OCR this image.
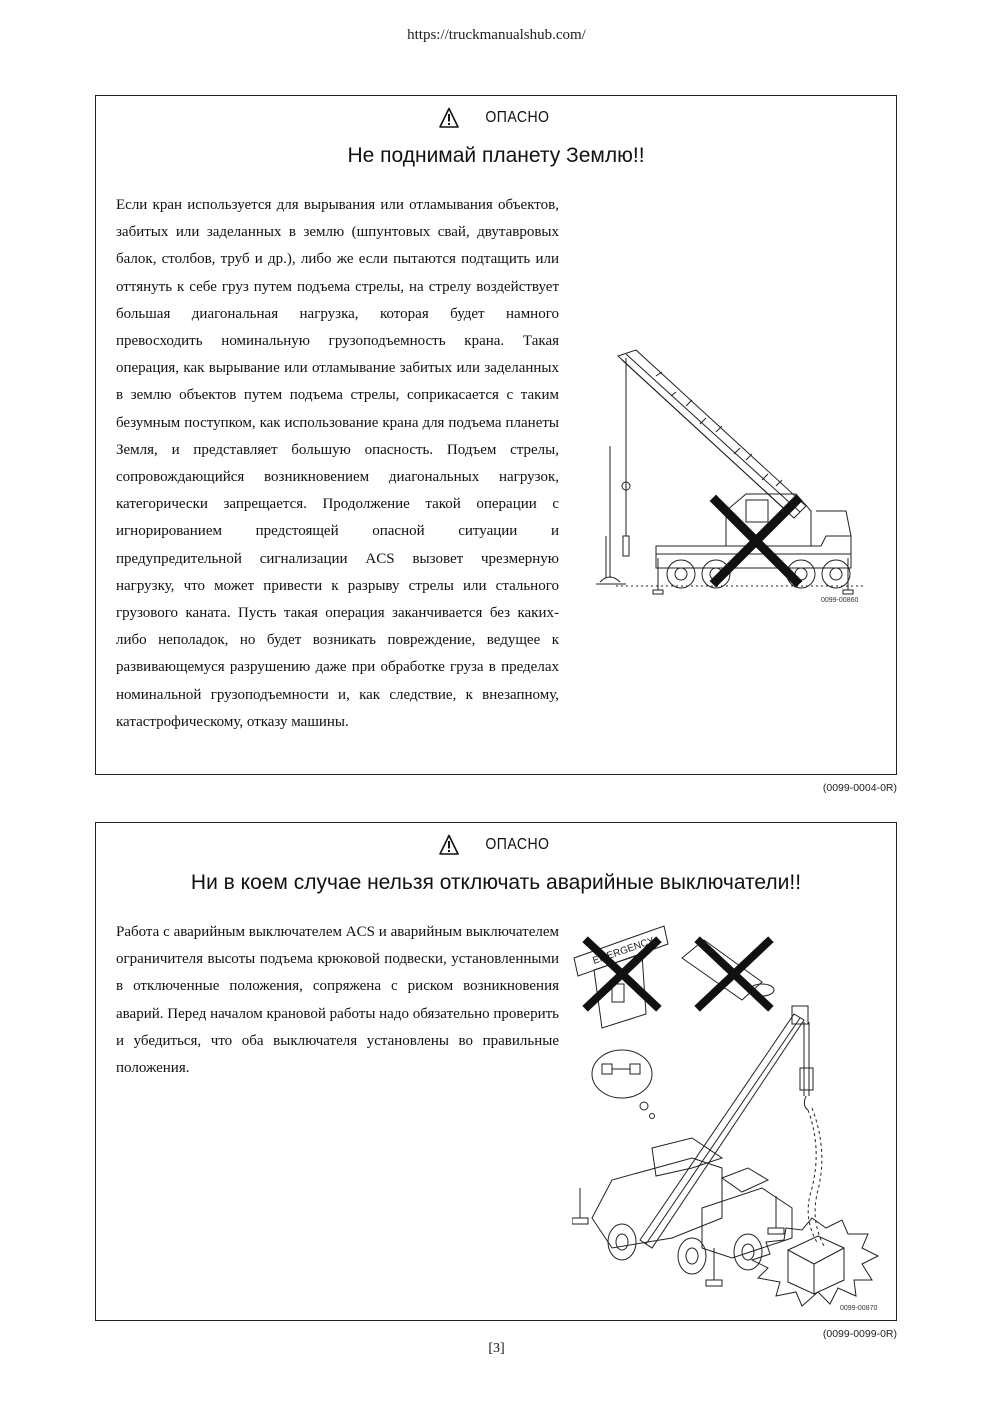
https://truckmanualshub.com/
ОПАСНО
Не поднимай планету Землю!!

Если кран используется для вырывания или отламывания объектов, забитых или заделанных в землю (шпунтовых свай, двутавровых балок, столбов, труб и др.), либо же если пытаются подтащить или оттянуть к себе груз путем подъема стрелы, на стрелу воздействует большая диагональная нагрузка, которая будет намного превосходить номинальную грузоподъемность крана. Такая операция, как вырывание или отламывание забитых или заделанных в землю объектов путем подъема стрелы, соприкасается с таким безумным поступком, как использование крана для подъема планеты Земля, и представляет большую опасность. Подъем стрелы, сопровождающийся возникновением диагональных нагрузок, категорически запрещается. Продолжение такой операции с игнорированием предстоящей опасной ситуации и предупредительной сигнализации ACS вызовет чрезмерную нагрузку, что может привести к разрыву стрелы или стального грузового каната. Пусть такая операция заканчивается без каких-либо неполадок, но будет возникать повреждение, ведущее к развивающемуся разрушению даже при обработке груза в пределах номинальной грузоподъемности и, как следствие, к внезапному, катастрофическому, отказу машины.

0099-00860
(0099-0004-0R)
ОПАСНО
Ни в коем случае нельзя отключать аварийные выключатели!!

Работа с аварийным выключателем ACS и аварийным выключателем ограничителя высоты подъема крюковой подвески, установленными в отключенные положения, сопряжена с риском возникновения аварий. Перед началом крановой работы надо обязательно проверить и убедиться, что оба выключателя установлены во правильные положения.

EMERGENCY
0099-00870
(0099-0099-0R)
[3]
